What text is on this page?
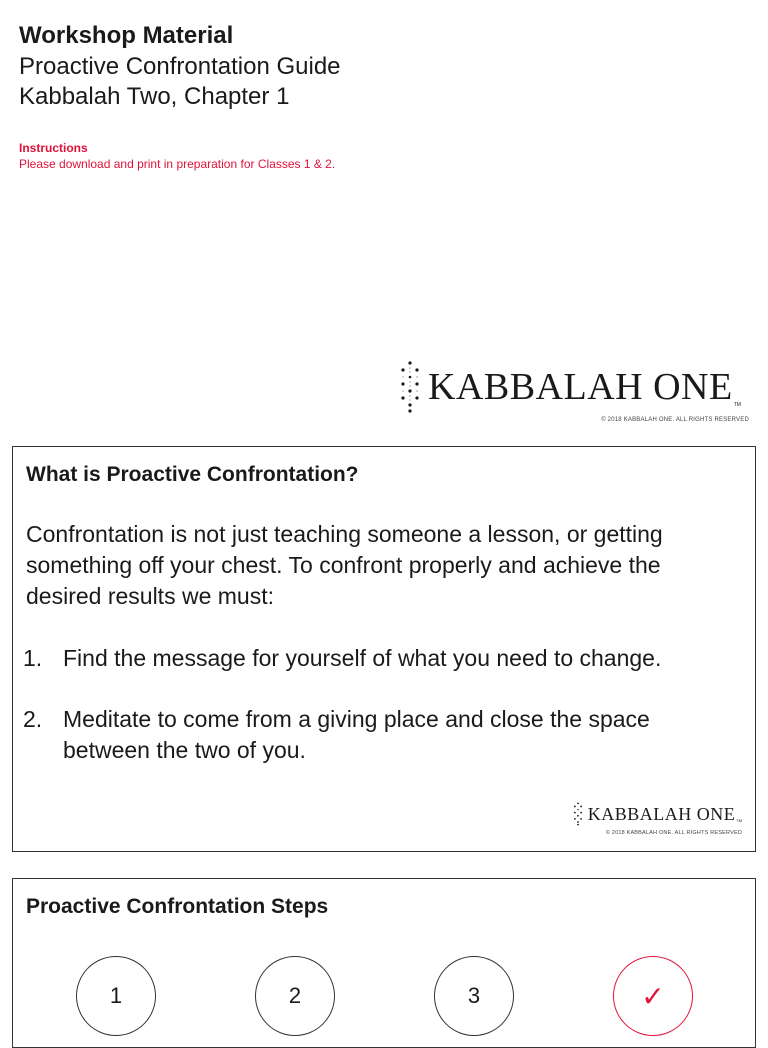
Workshop Material
Proactive Confrontation Guide
Kabbalah Two, Chapter 1
Instructions
Please download and print in preparation for Classes 1 & 2.
KABBALAH ONE TM
© 2018 KABBALAH ONE. ALL RIGHTS RESERVED
What is Proactive Confrontation?
Confrontation is not just teaching someone a lesson, or getting something off your chest. To confront properly and achieve the desired results we must:
1. Find the message for yourself of what you need to change.
2. Meditate to come from a giving place and close the space between the two of you.
KABBALAH ONE TM
© 2018 KABBALAH ONE. ALL RIGHTS RESERVED
Proactive Confrontation Steps
1	2	3	✓
